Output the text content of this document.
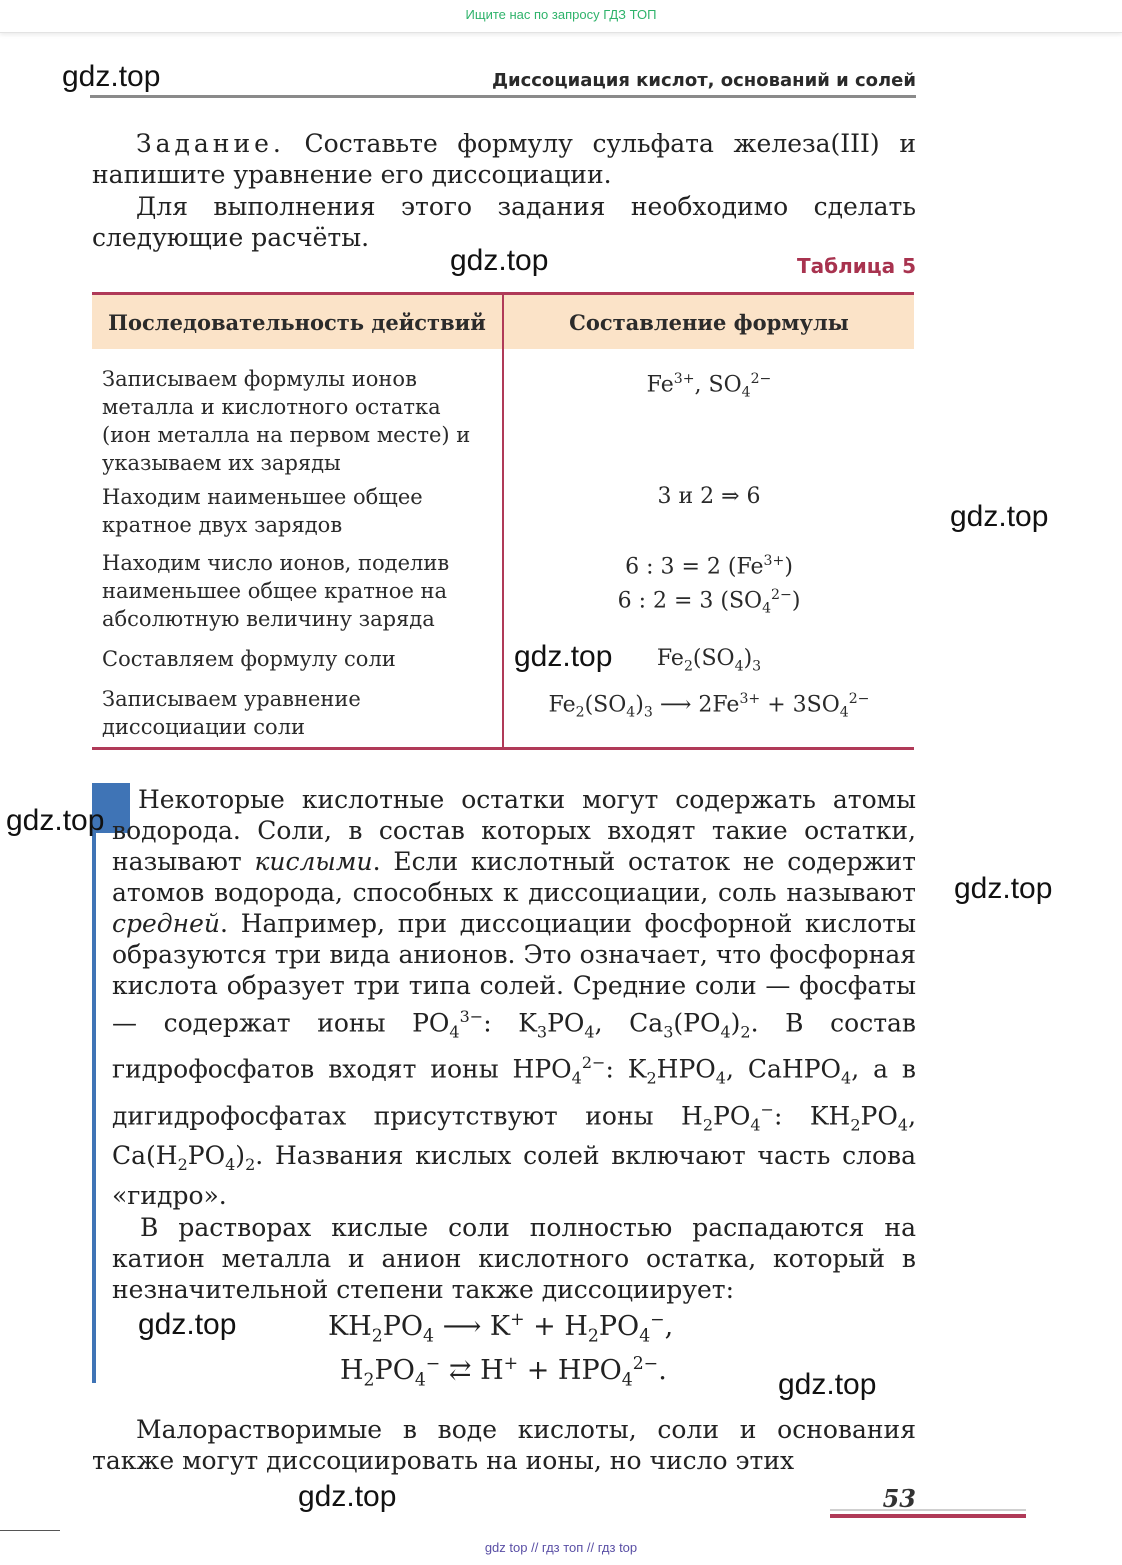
Ищите нас по запросу ГДЗ ТОП
Диссоциация кислот, оснований и солей
Задание. Составьте формулу сульфата железа(III) и напишите уравнение его диссоциации.
Для выполнения этого задания необходимо сделать следующие расчёты.
Таблица 5
Последовательность действий	Составление формулы
Записываем формулы ионов металла и кислотного остатка (ион металла на первом месте) и указываем их заряды
$Fe^{3+}$, $SO_4^{2-}$
Находим наименьшее общее кратное двух зарядов
3 и 2 ⇒ 6
Находим число ионов, поделив наименьшее общее кратное на абсолютную величину заряда
6 : 3 = 2 $(Fe^{3+})$
6 : 2 = 3 $(SO_4^{2-})$
Составляем формулу соли	$Fe_2(SO_4)_3$
Записываем уравнение диссоциации соли
$Fe_2(SO_4)_3$ ⟶ $2Fe^{3+} + 3SO_4^{2-}$
Некоторые кислотные остатки могут содержать атомы водорода. Соли, в состав которых входят такие остатки, называют кислыми. Если кислотный остаток не содержит атомов водорода, способных к диссоциации, соль называют средней. Например, при диссоциации фосфорной кислоты образуются три вида анионов. Это означает, что фосфорная кислота образует три типа солей. Средние соли — фосфаты — содержат ионы $PO_4^{3-}$: $K_3PO_4$, $Ca_3(PO_4)_2$. В состав гидрофосфатов входят ионы $HPO_4^{2-}$: $K_2HPO_4$, CaHPO$_4$, а в дигидрофосфатах присутствуют ионы $H_2PO_4^-$: $KH_2PO_4$, $Ca(H_2PO_4)_2$. Названия кислых солей включают часть слова «гидро».
В растворах кислые соли полностью распадаются на катион металла и анион кислотного остатка, который в незначительной степени также диссоциирует:
$KH_2PO_4$ ⟶ $K^+ + H_2PO_4^-$,
$H_2PO_4^-$ ⇄ $H^+ + HPO_4^{2-}$.
Малорастворимые в воде кислоты, соли и основания также могут диссоциировать на ионы, но число этих
53
gdz top // гдз топ // гдз top
gdz.top
gdz.top
gdz.top
gdz.top
gdz.top
gdz.top
gdz.top
gdz.top
gdz.top
